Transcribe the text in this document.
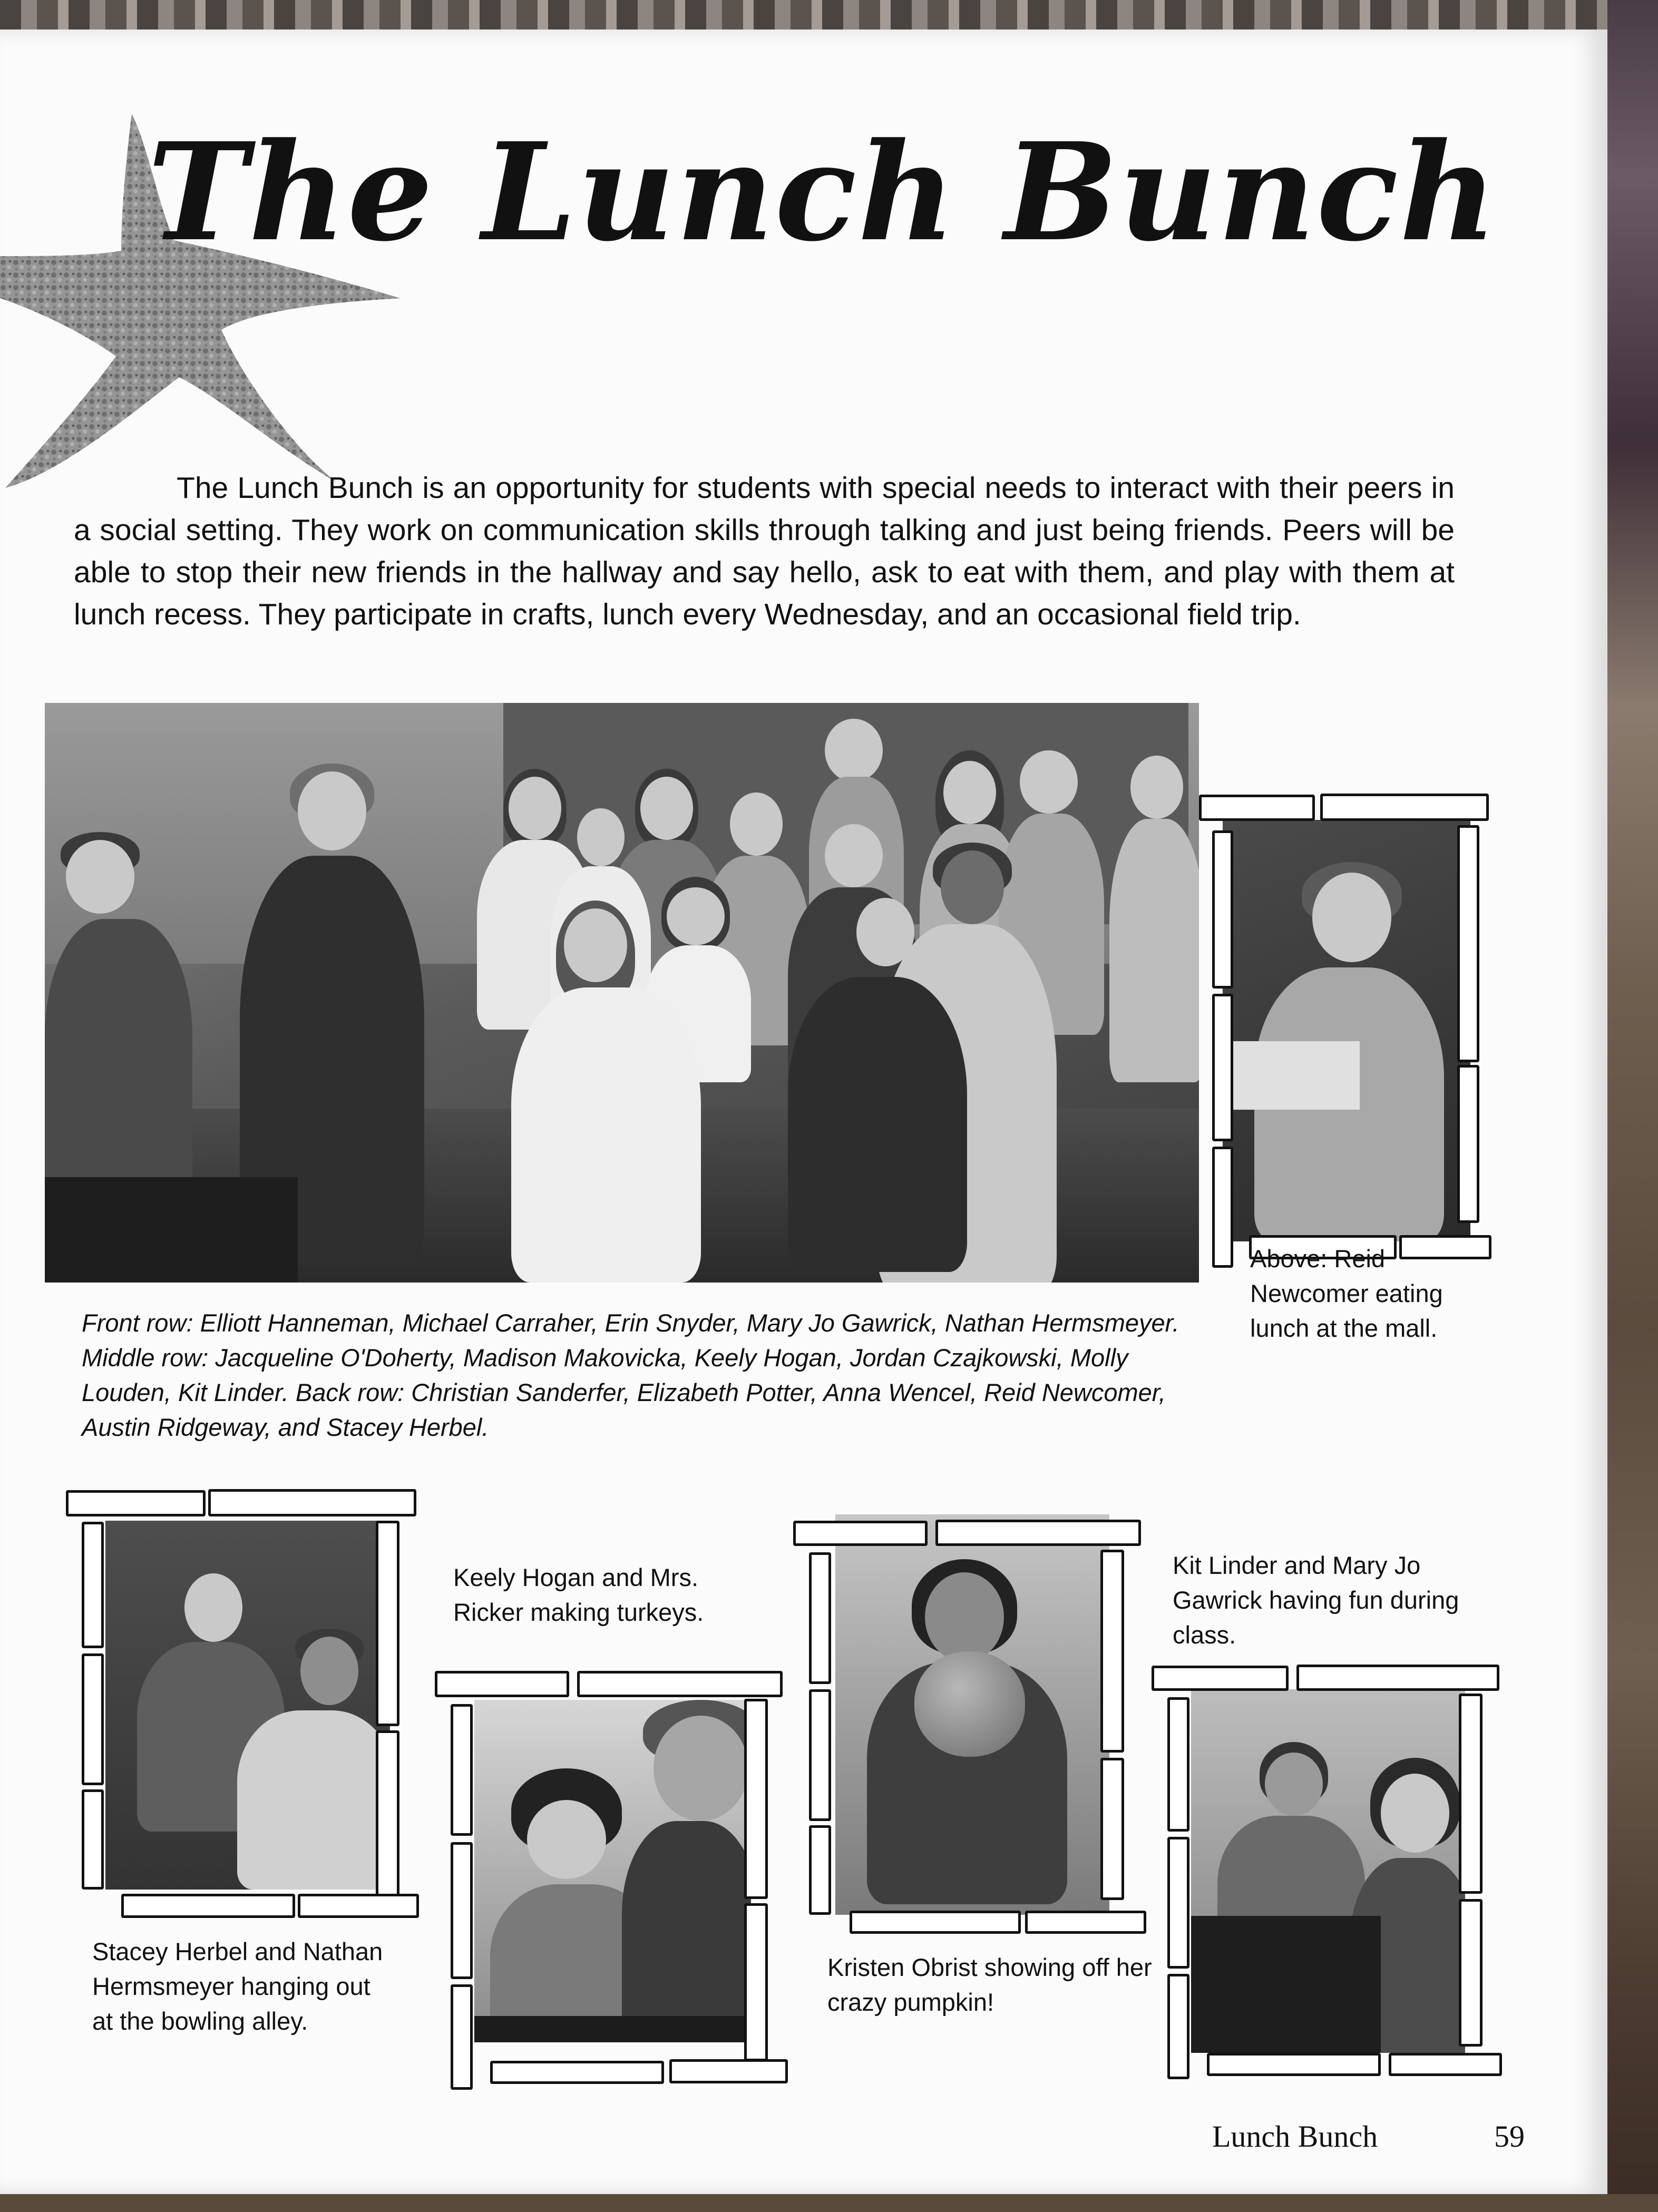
The Lunch Bunch

The Lunch Bunch is an opportunity for students with special needs to interact with their peers in a social setting. They work on communication skills through talking and just being friends. Peers will be able to stop their new friends in the hallway and say hello, ask to eat with them, and play with them at lunch recess. They participate in crafts, lunch every Wednesday, and an occasional field trip.

Front row: Elliott Hanneman, Michael Carraher, Erin Snyder, Mary Jo Gawrick, Nathan Hermsmeyer. Middle row: Jacqueline O'Doherty, Madison Makovicka, Keely Hogan, Jordan Czajkowski, Molly Louden, Kit Linder. Back row: Christian Sanderfer, Elizabeth Potter, Anna Wencel, Reid Newcomer, Austin Ridgeway, and Stacey Herbel.

Above: Reid Newcomer eating lunch at the mall.

Stacey Herbel and Nathan Hermsmeyer hanging out at the bowling alley.

Keely Hogan and Mrs. Ricker making turkeys.

Kristen Obrist showing off her crazy pumpkin!

Kit Linder and Mary Jo Gawrick having fun during class.

Lunch Bunch	59
